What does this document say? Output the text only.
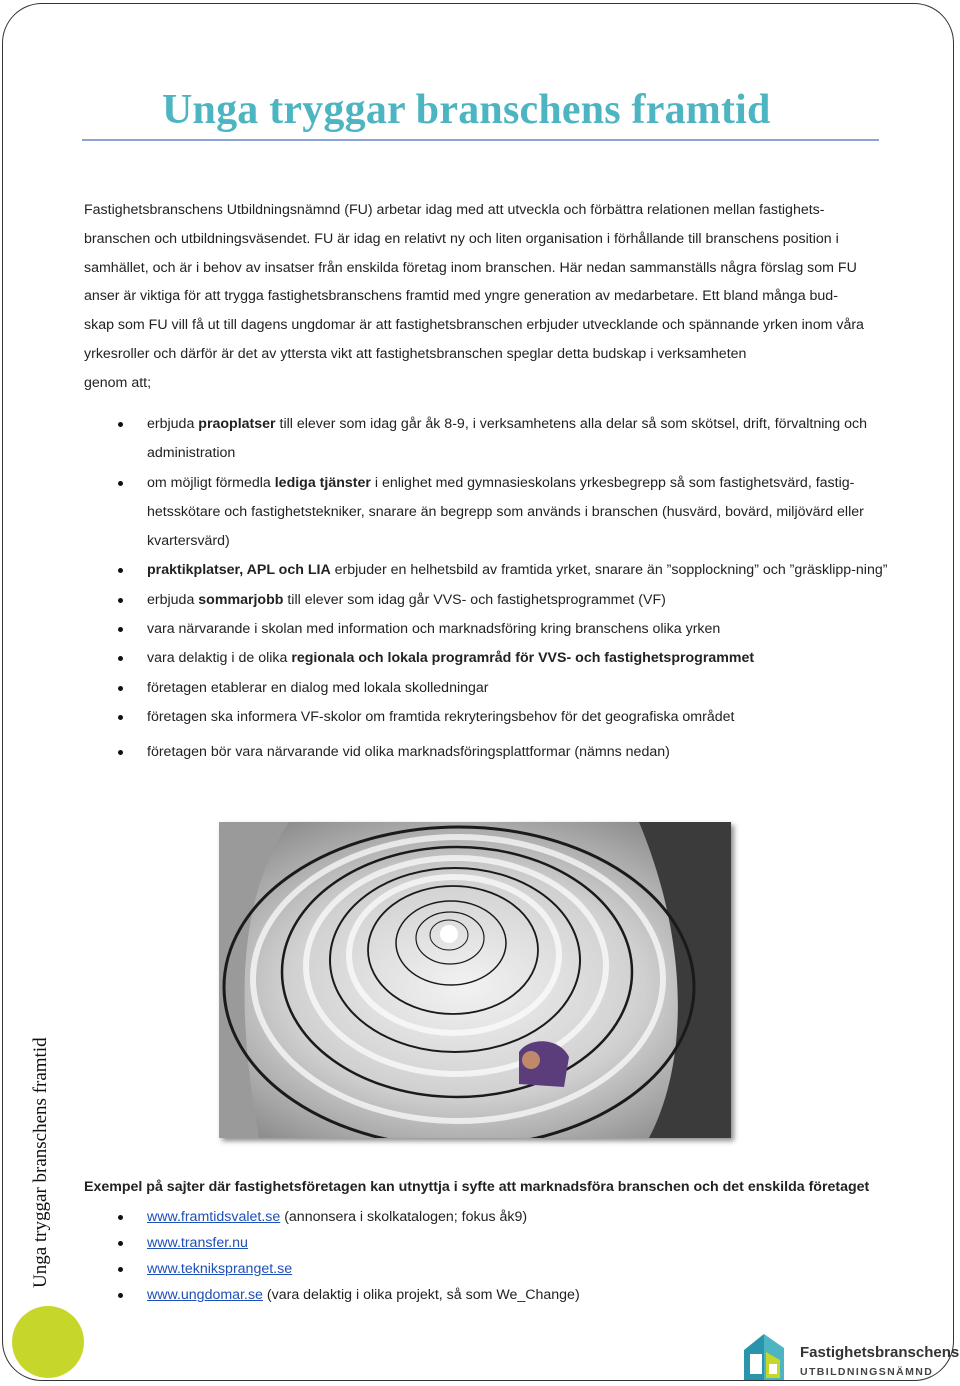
Unga tryggar branschens framtid

Fastighetsbranschens Utbildningsnämnd (FU) arbetar idag med att utveckla och förbättra relationen mellan fastighets-
branschen och utbildningsväsendet. FU är idag en relativt ny och liten organisation i förhållande till branschens position i
samhället, och är i behov av insatser från enskilda företag inom branschen. Här nedan sammanställs några förslag som FU
anser är viktiga för att trygga fastighetsbranschens framtid med yngre generation av medarbetare. Ett bland många bud-
skap som FU vill få ut till dagens ungdomar är att fastighetsbranschen erbjuder utvecklande och spännande yrken inom våra
yrkesroller och därför är det av yttersta vikt att fastighetsbranschen speglar detta budskap i verksamheten
genom att;

erbjuda praoplatser till elever som idag går åk 8-9, i verksamhetens alla delar så som skötsel, drift, förvaltning och administration
om möjligt förmedla lediga tjänster i enlighet med gymnasieskolans yrkesbegrepp så som fastighetsvärd, fastig-hetsskötare och fastighetstekniker, snarare än begrepp som används i branschen (husvärd, bovärd, miljövärd eller kvartersvärd)
praktikplatser, APL och LIA erbjuder en helhetsbild av framtida yrket, snarare än ”sopplockning” och ”gräsklipp-ning”
erbjuda sommarjobb till elever som idag går VVS- och fastighetsprogrammet (VF)
vara närvarande i skolan med information och marknadsföring kring branschens olika yrken
vara delaktig i de olika regionala och lokala programråd för VVS- och fastighetsprogrammet
företagen etablerar en dialog med lokala skolledningar
företagen ska informera VF-skolor om framtida rekryteringsbehov för det geografiska området
företagen bör vara närvarande vid olika marknadsföringsplattformar (nämns nedan)
Unga tryggar branschens framtid Exempel på sajter där fastighetsföretagen kan utnyttja i syfte att marknadsföra branschen och det enskilda företaget

www.framtidsvalet.se (annonsera i skolkatalogen; fokus åk9)
www.transfer.nu
www.teknikspranget.se
www.ungdomar.se (vara delaktig i olika projekt, så som We_Change)
Fastighetsbranschens
UTBILDNINGSNÄMND
